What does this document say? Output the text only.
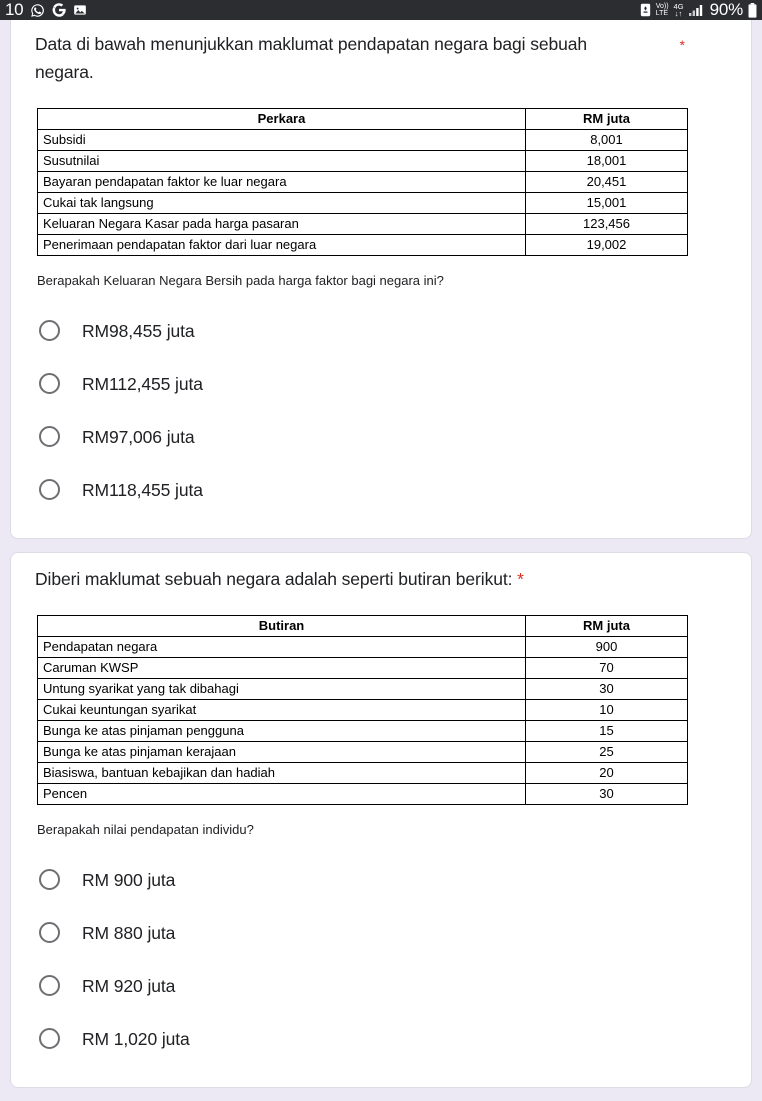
10	Vo))
LTE
4G
↓↑ 90%
Data di bawah menunjukkan maklumat pendapatan negara bagi sebuah negara.
*
Perkara	RM juta
Subsidi	8,001
Susutnilai	18,001
Bayaran pendapatan faktor ke luar negara	20,451
Cukai tak langsung	15,001
Keluaran Negara Kasar pada harga pasaran	123,456
Penerimaan pendapatan faktor dari luar negara	19,002
Berapakah Keluaran Negara Bersih pada harga faktor bagi negara ini?
RM98,455 juta
RM112,455 juta
RM97,006 juta
RM118,455 juta
Diberi maklumat sebuah negara adalah seperti butiran berikut: *
Butiran	RM juta
Pendapatan negara	900
Caruman KWSP	70
Untung syarikat yang tak dibahagi	30
Cukai keuntungan syarikat	10
Bunga ke atas pinjaman pengguna	15
Bunga ke atas pinjaman kerajaan	25
Biasiswa, bantuan kebajikan dan hadiah	20
Pencen	30
Berapakah nilai pendapatan individu?
RM 900 juta
RM 880 juta
RM 920 juta
RM 1,020 juta
